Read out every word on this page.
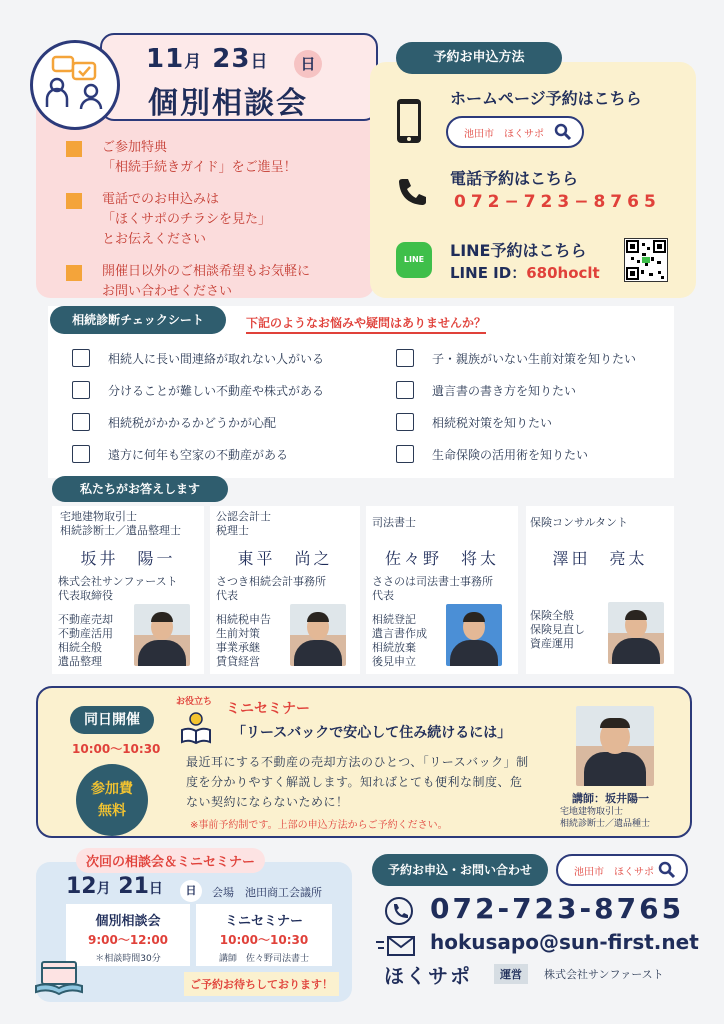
11月 23日	日
個別相談会
ご参加特典
「相続手続きガイド」をご進呈！
電話でのお申込みは
「ほくサポのチラシを見た」
とお伝えください
開催日以外のご相談希望もお気軽に
お問い合わせください
予約お申込方法
ホームページ予約はこちら
池田市　ほくサポ
電話予約はこちら
072−723−8765
LINE	LINE予約はこちら
LINE ID：680hoclt
相続診断チェックシート	下記のようなお悩みや疑問はありませんか？
相続人に長い間連絡が取れない人がいる
分けることが難しい不動産や株式がある
相続税がかかるかどうかが心配
遠方に何年も空家の不動産がある
子・親族がいない生前対策を知りたい
遺言書の書き方を知りたい
相続税対策を知りたい
生命保険の活用術を知りたい
私たちがお答えします
宅地建物取引士
相続診断士／遺品整理士
坂井　陽一
株式会社サンファースト
代表取締役
不動産売却
不動産活用
相続全般
遺品整理
公認会計士
税理士
東平　尚之
さつき相続会計事務所
代表
相続税申告
生前対策
事業承継
賃貸経営
司法書士
佐々野　将太
ささのは司法書士事務所
代表
相続登記
遺言書作成
相続放棄
後見申立
保険コンサルタント
澤田　亮太
保険全般
保険見直し
資産運用
同日開催
10:00〜10:30
参加費
無料
お役立ち ミニセミナー
「リースバックで安心して住み続けるには」
最近耳にする不動産の売却方法のひとつ、「リースバック」制度を分かりやすく解説します。知ればとても便利な制度、危ない契約にならないために！
※事前予約制です。上部の申込方法からご予約ください。
講師：坂井陽一
宅地建物取引士
相続診断士／遺品種士
次回の相談会＆ミニセミナー
12月 21日	日	会場　 池田商工会議所
個別相談会
9:00〜12:00
＊相談時間30分
ミニセミナー
10:00〜10:30
講師　佐々野司法書士
ご予約お待ちしております！
予約お申込・お問い合わせ	池田市　ほくサポ
072-723-8765
hokusapo@sun-first.net
ほくサポ	運営	株式会社サンファースト
